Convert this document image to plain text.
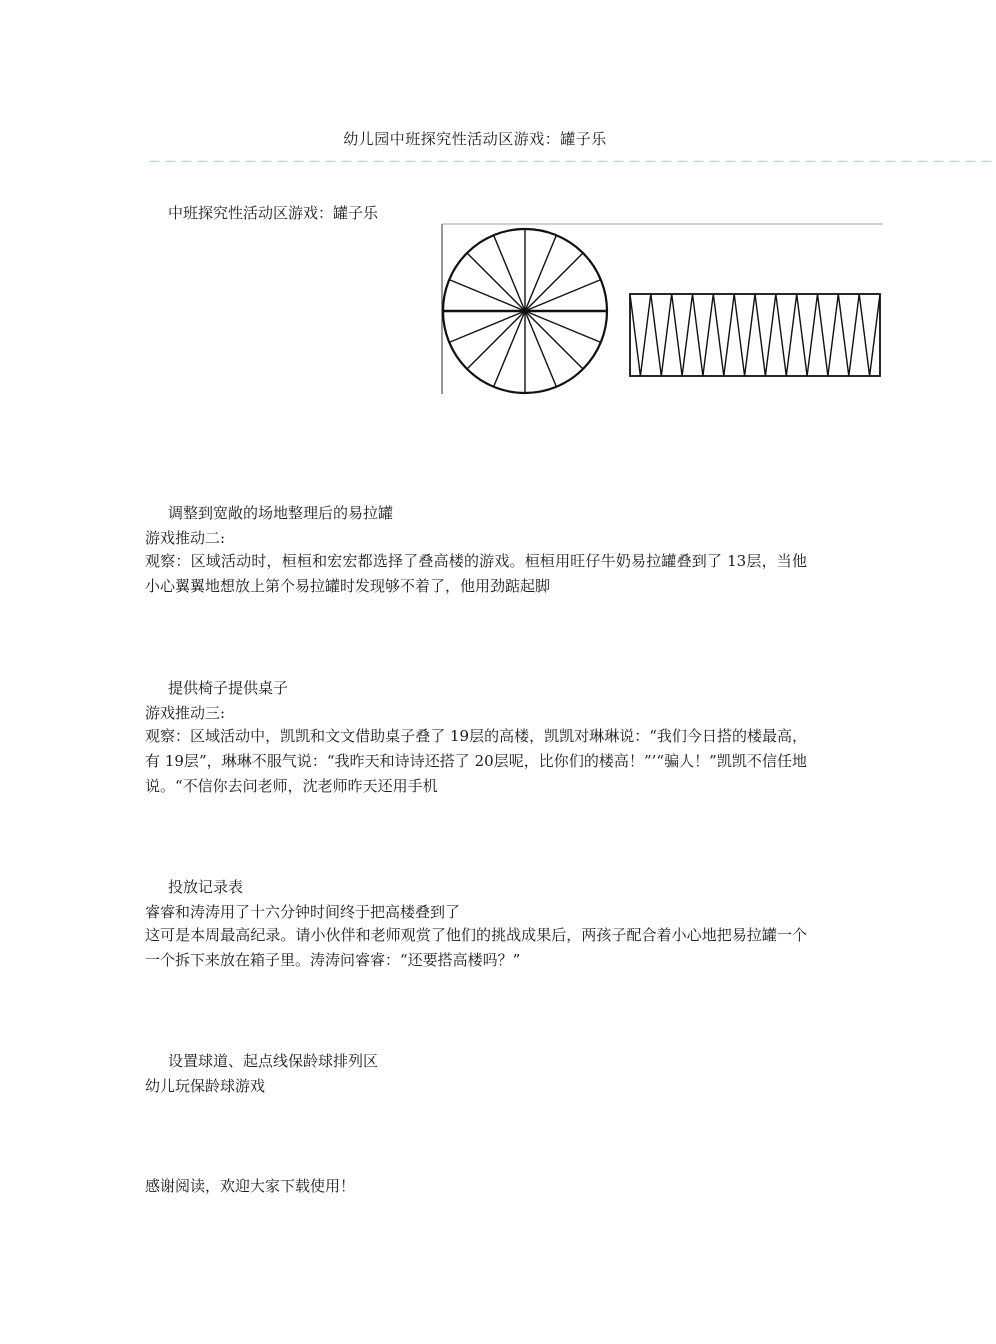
幼儿园中班探究性活动区游戏：罐子乐
－－－－－－－－－－－－－－－－－－－－－－－－－－－－－－－－－－－－－－－－－－－－－－－－－－－－－
中班探究性活动区游戏：罐子乐
调整到宽敞的场地整理后的易拉罐
游戏推动二:
观察：区域活动时，桓桓和宏宏都选择了叠高楼的游戏。桓桓用旺仔牛奶易拉罐叠到了 13层，当他小心翼翼地想放上第个易拉罐时发现够不着了，他用劲踮起脚
提供椅子提供桌子
游戏推动三:
观察：区域活动中，凯凯和文文借助桌子叠了 19层的高楼，凯凯对琳琳说：“我们今日搭的楼最高，有 19层”，琳琳不服气说：“我昨天和诗诗还搭了 20层呢，比你们的楼高！”’“骗人！”凯凯不信任地说。“不信你去问老师，沈老师昨天还用手机
投放记录表
睿睿和涛涛用了十六分钟时间终于把高楼叠到了
这可是本周最高纪录。请小伙伴和老师观赏了他们的挑战成果后，两孩子配合着小心地把易拉罐一个一个拆下来放在箱子里。涛涛问睿睿：“还要搭高楼吗？”
设置球道、起点线保龄球排列区
幼儿玩保龄球游戏
感谢阅读，欢迎大家下载使用！
